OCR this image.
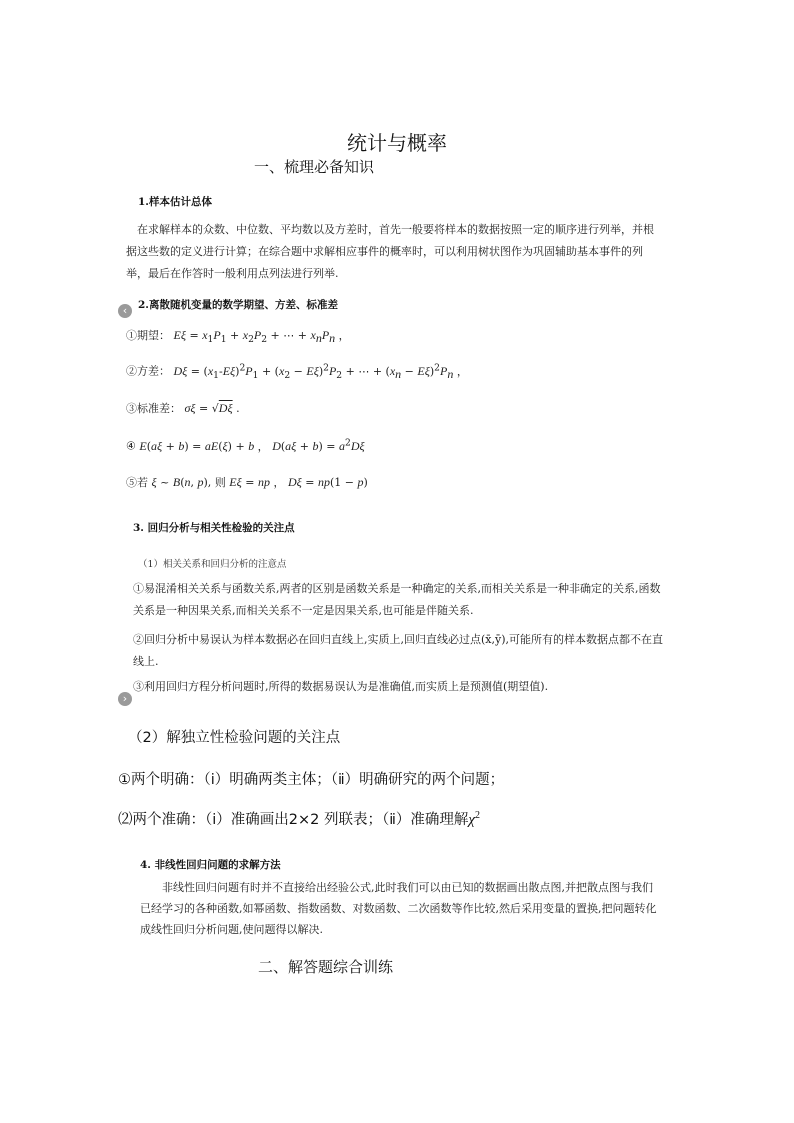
统计与概率
一、梳理必备知识
1.样本估计总体
在求解样本的众数、中位数、平均数以及方差时，首先一般要将样本的数据按照一定的顺序进行列举，并根据这些数的定义进行计算；在综合题中求解相应事件的概率时，可以利用树状图作为巩固辅助基本事件的列举，最后在作答时一般利用点列法进行列举.
2.离散随机变量的数学期望、方差、标准差
‹
①期望： $E\xi = x_1P_1 + x_2P_2$ + ⋯ + $x_nP_n$ ，
②方差： $D\xi = (x_1-E\xi)^2P_1 + (x_2 - E\xi)^2P_2$ + ⋯ + $(x_n - E\xi)^2P_n$ ，
③标准差： σξ = √Dξ .
④ E(aξ + b) = aE(ξ) + b ， $D(a\xi + b) = a^2D\xi$
⑤若 ξ ~ B(n, p), 则 Eξ = np ， Dξ = np(1 − p)
3. 回归分析与相关性检验的关注点
（1）相关关系和回归分析的注意点
①易混淆相关关系与函数关系,两者的区别是函数关系是一种确定的关系,而相关关系是一种非确定的关系,函数关系是一种因果关系,而相关关系不一定是因果关系,也可能是伴随关系.
②回归分析中易误认为样本数据必在回归直线上,实质上,回归直线必过点(x̄,ȳ),可能所有的样本数据点都不在直线上.
③利用回归方程分析问题时,所得的数据易误认为是准确值,而实质上是预测值(期望值).
›
（2）解独立性检验问题的关注点
①两个明确：（ⅰ）明确两类主体；（ⅱ）明确研究的两个问题；
⑵两个准确：（ⅰ）准确画出2×2 列联表；（ⅱ）准确理解$\chi^2$
4. 非线性回归问题的求解方法
非线性回归问题有时并不直接给出经验公式,此时我们可以由已知的数据画出散点图,并把散点图与我们已经学习的各种函数,如幂函数、指数函数、对数函数、二次函数等作比较,然后采用变量的置换,把问题转化成线性回归分析问题,使问题得以解决.
二、解答题综合训练
